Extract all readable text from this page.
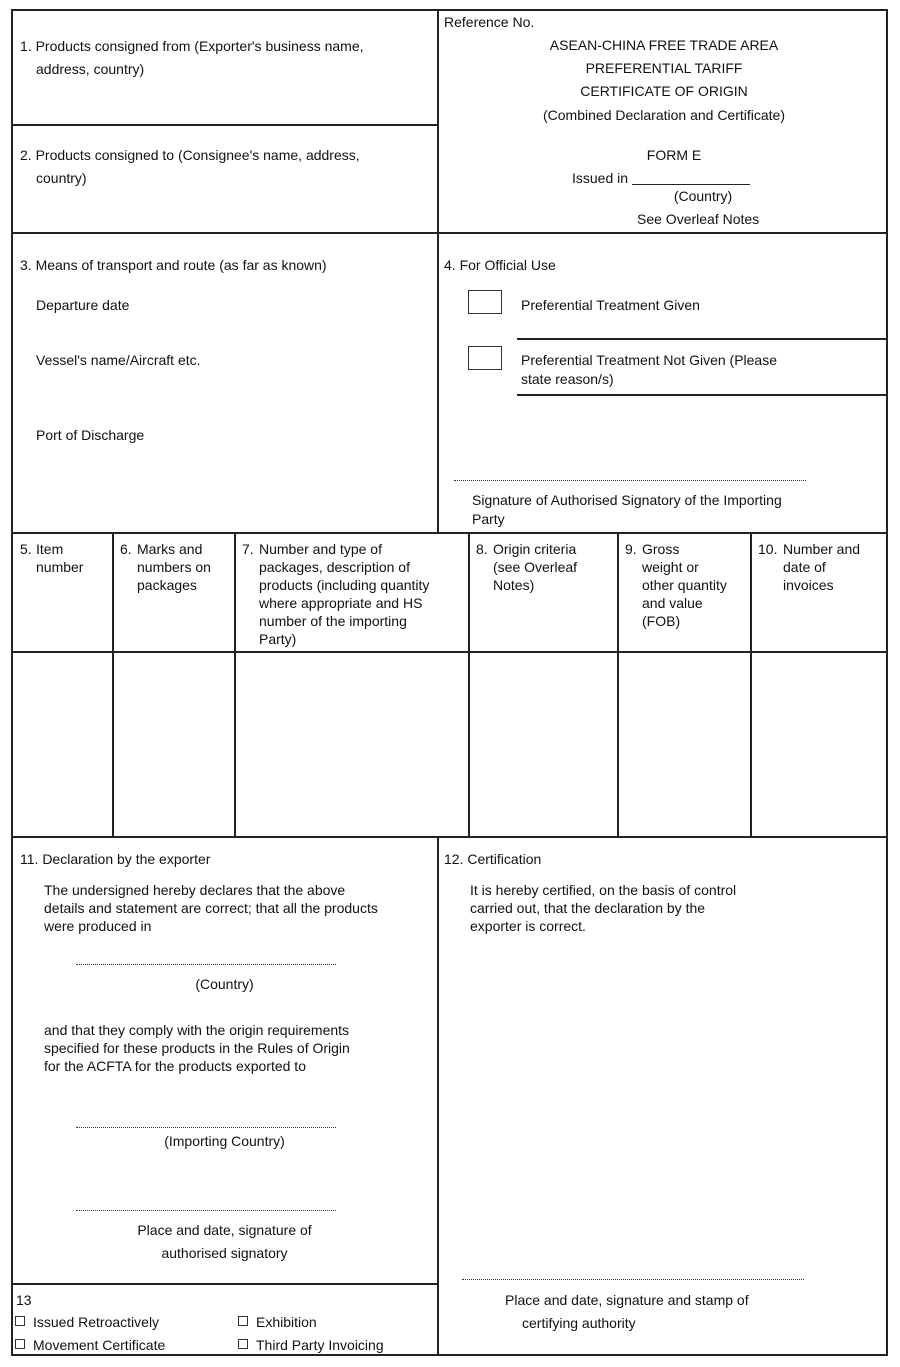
1. Products consigned from (Exporter's business name,
address, country)
Reference No.
ASEAN-CHINA FREE TRADE AREA
PREFERENTIAL TARIFF
CERTIFICATE OF ORIGIN
(Combined Declaration and Certificate)
FORM E
Issued in
(Country)
See Overleaf Notes
2. Products consigned to (Consignee's name, address,
country)
3. Means of transport and route (as far as known)
Departure date
Vessel's name/Aircraft etc.
Port of Discharge
4. For Official Use
Preferential Treatment Given
Preferential Treatment Not Given (Please
state reason/s)
Signature of Authorised Signatory of the Importing
Party
5. Item
number
6. Marks and
numbers on
packages
7. Number and type of
packages, description of
products (including quantity
where appropriate and HS
number of the importing
Party)
8. Origin criteria
(see Overleaf
Notes)
9. Gross
weight or
other quantity
and value
(FOB)
10. Number and
date of
invoices
11. Declaration by the exporter
The undersigned hereby declares that the above
details and statement are correct; that all the products
were produced in
(Country)
and that they comply with the origin requirements
specified for these products in the Rules of Origin
for the ACFTA for the products exported to
(Importing Country)
Place and date, signature of
authorised signatory
12. Certification
It is hereby certified, on the basis of control
carried out, that the declaration by the
exporter is correct.
Place and date, signature and stamp of
certifying authority
13
Issued Retroactively	Exhibition
Movement Certificate	Third Party Invoicing
